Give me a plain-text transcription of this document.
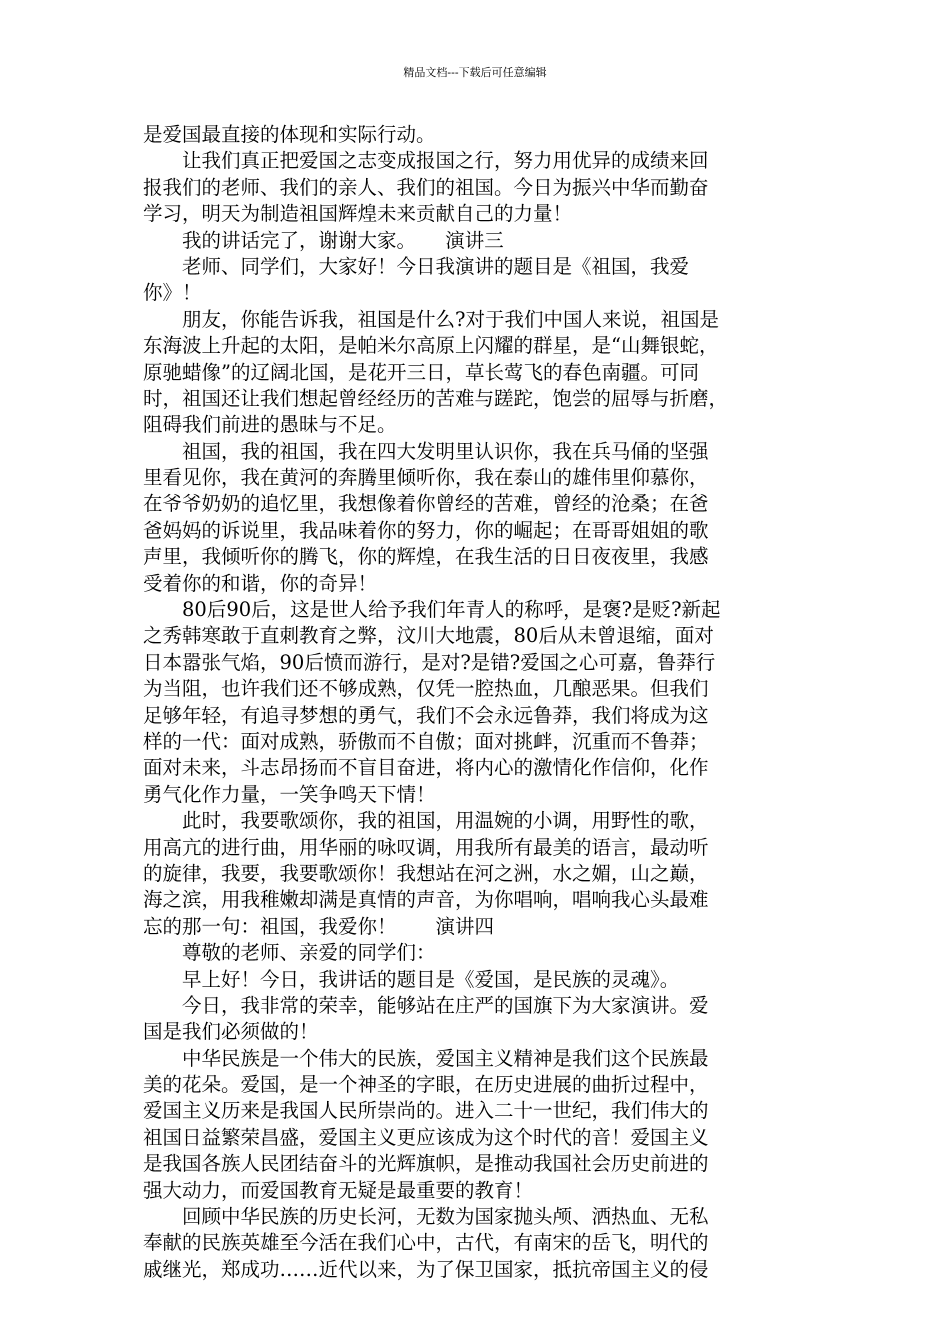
精品文档---下载后可任意编辑
是爱国最直接的体现和实际行动。
　　让我们真正把爱国之志变成报国之行，努力用优异的成绩来回
报我们的老师、我们的亲人、我们的祖国。今日为振兴中华而勤奋
学习，明天为制造祖国辉煌未来贡献自己的力量！
　　我的讲话完了，谢谢大家。　　演讲三
　　老师、同学们，大家好！今日我演讲的题目是《祖国，我爱
你》！
　　朋友，你能告诉我，祖国是什么?对于我们中国人来说，祖国是
东海波上升起的太阳，是帕米尔高原上闪耀的群星，是“山舞银蛇，
原驰蜡像”的辽阔北国，是花开三日，草长莺飞的春色南疆。可同
时，祖国还让我们想起曾经经历的苦难与蹉跎，饱尝的屈辱与折磨，
阻碍我们前进的愚昧与不足。
　　祖国，我的祖国，我在四大发明里认识你，我在兵马俑的坚强
里看见你，我在黄河的奔腾里倾听你，我在泰山的雄伟里仰慕你，
在爷爷奶奶的追忆里，我想像着你曾经的苦难，曾经的沧桑；在爸
爸妈妈的诉说里，我品味着你的努力，你的崛起；在哥哥姐姐的歌
声里，我倾听你的腾飞，你的辉煌，在我生活的日日夜夜里，我感
受着你的和谐，你的奇异！
　　80后90后，这是世人给予我们年青人的称呼，是褒?是贬?新起
之秀韩寒敢于直刺教育之弊，汶川大地震，80后从未曾退缩，面对
日本嚣张气焰，90后愤而游行，是对?是错?爱国之心可嘉，鲁莽行
为当阻，也许我们还不够成熟，仅凭一腔热血，几酿恶果。但我们
足够年轻，有追寻梦想的勇气，我们不会永远鲁莽，我们将成为这
样的一代：面对成熟，骄傲而不自傲；面对挑衅，沉重而不鲁莽；
面对未来，斗志昂扬而不盲目奋进，将内心的激情化作信仰，化作
勇气化作力量，一笑争鸣天下情！
　　此时，我要歌颂你，我的祖国，用温婉的小调，用野性的歌，
用高亢的进行曲，用华丽的咏叹调，用我所有最美的语言，最动听
的旋律，我要，我要歌颂你！我想站在河之洲，水之媚，山之巅，
海之滨，用我稚嫩却满是真情的声音，为你唱响，唱响我心头最难
忘的那一句：祖国，我爱你！　　演讲四
　　尊敬的老师、亲爱的同学们：
　　早上好！今日，我讲话的题目是《爱国，是民族的灵魂》。
　　今日，我非常的荣幸，能够站在庄严的国旗下为大家演讲。爱
国是我们必须做的！
　　中华民族是一个伟大的民族，爱国主义精神是我们这个民族最
美的花朵。爱国，是一个神圣的字眼，在历史进展的曲折过程中，
爱国主义历来是我国人民所崇尚的。进入二十一世纪，我们伟大的
祖国日益繁荣昌盛，爱国主义更应该成为这个时代的音！爱国主义
是我国各族人民团结奋斗的光辉旗帜，是推动我国社会历史前进的
强大动力，而爱国教育无疑是最重要的教育！
　　回顾中华民族的历史长河，无数为国家抛头颅、洒热血、无私
奉献的民族英雄至今活在我们心中，古代，有南宋的岳飞，明代的
戚继光，郑成功……近代以来，为了保卫国家，抵抗帝国主义的侵
